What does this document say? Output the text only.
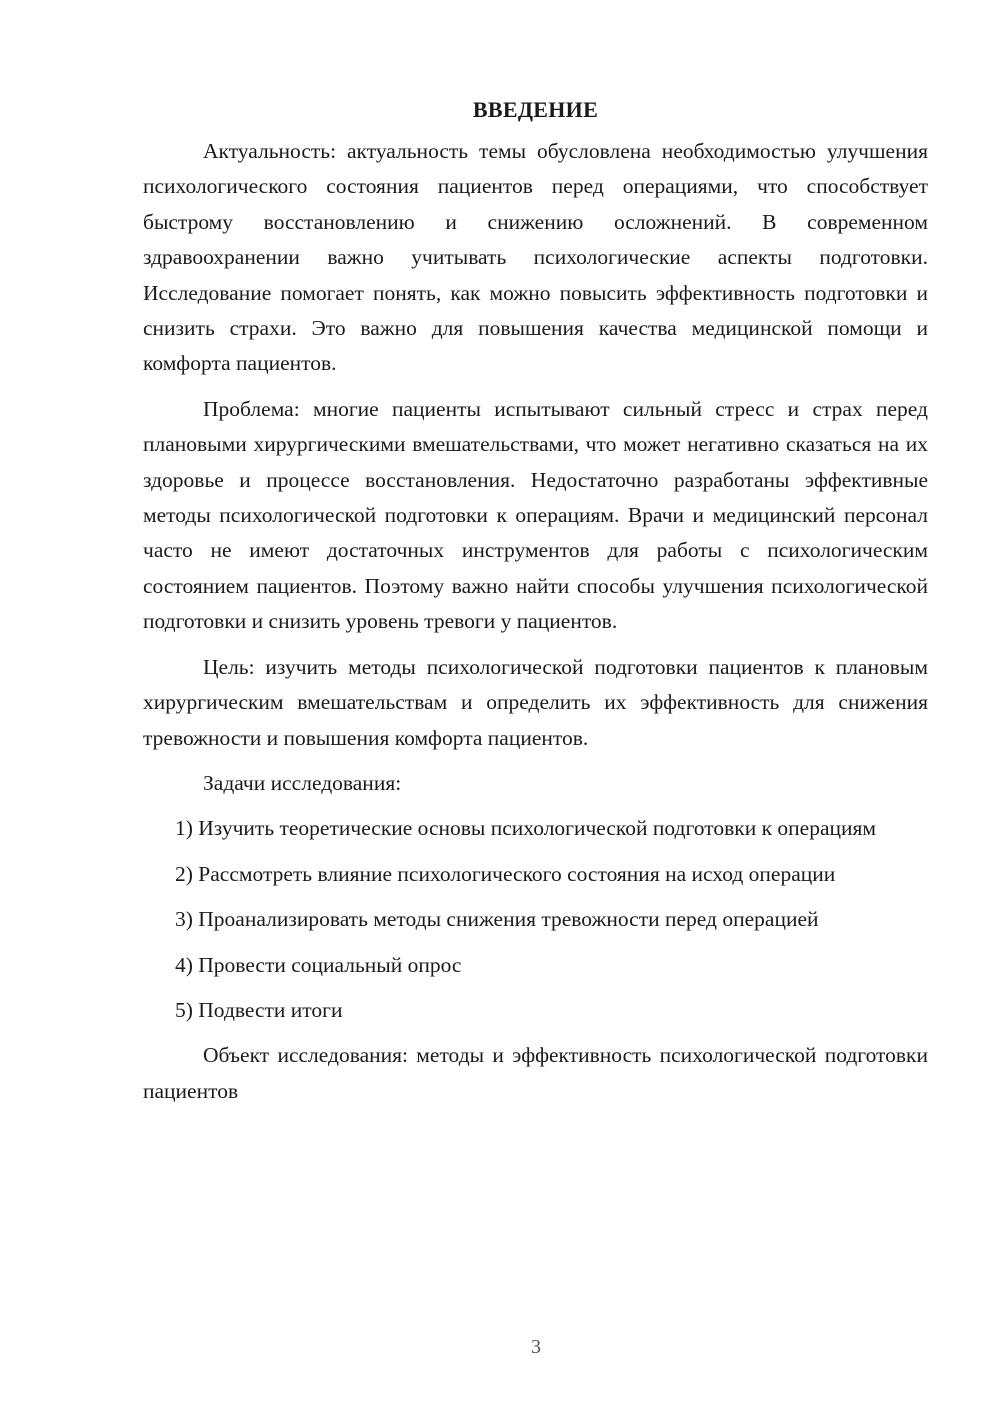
ВВЕДЕНИЕ

Актуальность: актуальность темы обусловлена необходимостью улучшения психологического состояния пациентов перед операциями, что способствует быстрому восстановлению и снижению осложнений. В современном здравоохранении важно учитывать психологические аспекты подготовки. Исследование помогает понять, как можно повысить эффективность подготовки и снизить страхи. Это важно для повышения качества медицинской помощи и комфорта пациентов.

Проблема: многие пациенты испытывают сильный стресс и страх перед плановыми хирургическими вмешательствами, что может негативно сказаться на их здоровье и процессе восстановления. Недостаточно разработаны эффективные методы психологической подготовки к операциям. Врачи и медицинский персонал часто не имеют достаточных инструментов для работы с психологическим состоянием пациентов. Поэтому важно найти способы улучшения психологической подготовки и снизить уровень тревоги у пациентов.

Цель: изучить методы психологической подготовки пациентов к плановым хирургическим вмешательствам и определить их эффективность для снижения тревожности и повышения комфорта пациентов.

Задачи исследования:

1) Изучить теоретические основы психологической подготовки к операциям
2) Рассмотреть влияние психологического состояния на исход операции
3) Проанализировать методы снижения тревожности перед операцией
4) Провести социальный опрос
5) Подвести итоги

Объект исследования: методы и эффективность психологической подготовки пациентов

3
